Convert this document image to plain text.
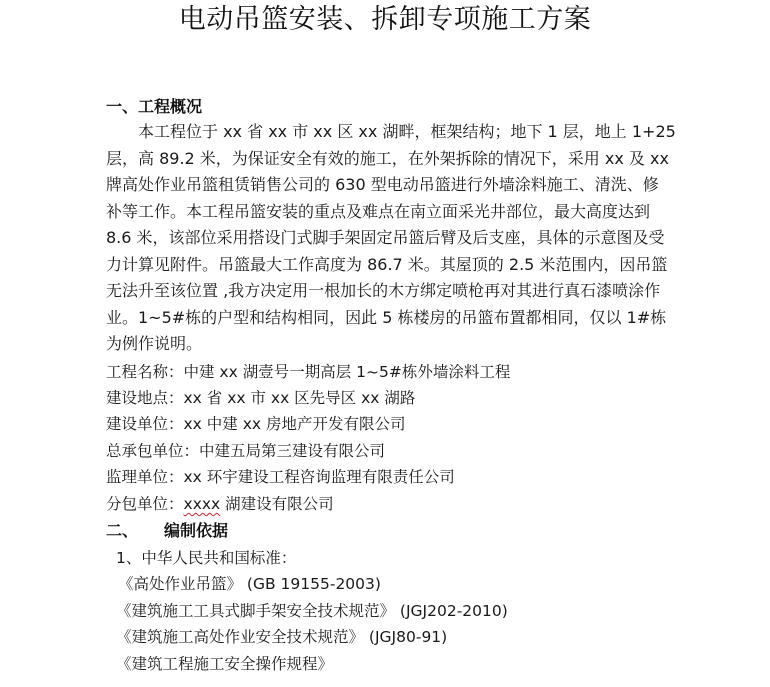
电动吊篮安装、拆卸专项施工方案
一、工程概况
本工程位于 xx 省 xx 市 xx 区 xx 湖畔，框架结构；地下 1 层，地上 1+25
层，高 89.2 米，为保证安全有效的施工，在外架拆除的情况下，采用 xx 及 xx
牌高处作业吊篮租赁销售公司的 630 型电动吊篮进行外墙涂料施工、清洗、修
补等工作。本工程吊篮安装的重点及难点在南立面采光井部位，最大高度达到
8.6 米，该部位采用搭设门式脚手架固定吊篮后臂及后支座，具体的示意图及受
力计算见附件。吊篮最大工作高度为 86.7 米。其屋顶的 2.5 米范围内，因吊篮
无法升至该位置 ,我方决定用一根加长的木方绑定喷枪再对其进行真石漆喷涂作
业。1~5#栋的户型和结构相同，因此 5 栋楼房的吊篮布置都相同，仅以 1#栋
为例作说明。
工程名称：中建 xx 湖壹号一期高层 1~5#栋外墙涂料工程
建设地点：xx 省 xx 市 xx 区先导区 xx 湖路
建设单位：xx 中建 xx 房地产开发有限公司
总承包单位：中建五局第三建设有限公司
监理单位：xx 环宇建设工程咨询监理有限责任公司
分包单位：xxxx 湖建设有限公司
二、 编制依据
1、中华人民共和国标准：
《高处作业吊篮》 (GB 19155-2003)
《建筑施工工具式脚手架安全技术规范》 (JGJ202-2010)
《建筑施工高处作业安全技术规范》 (JGJ80-91)
《建筑工程施工安全操作规程》
